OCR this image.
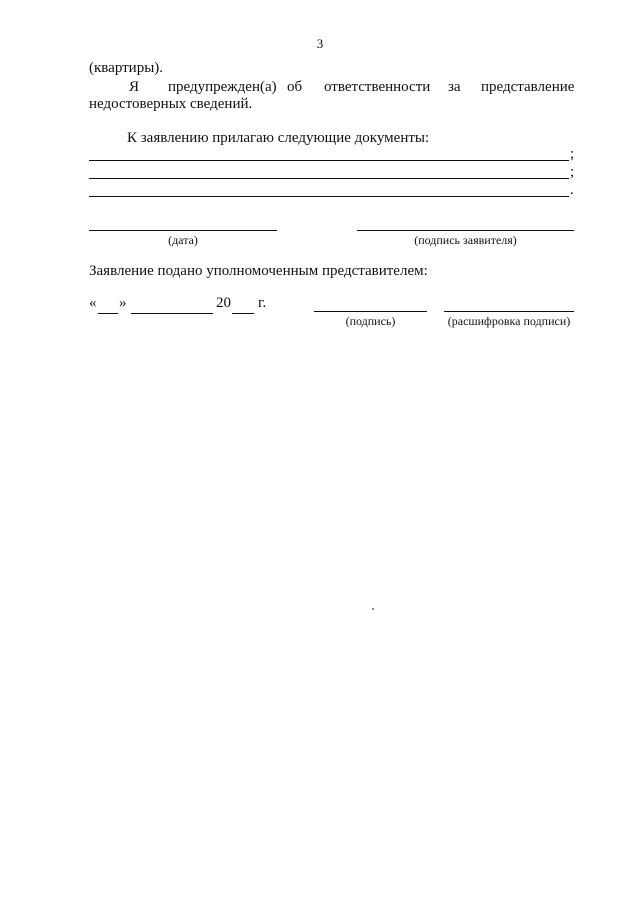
3
(квартиры).
Я предупрежден(а) об ответственности за представление
недостоверных сведений.
К заявлению прилагаю следующие документы:
;
;
.
(дата)	(подпись заявителя)
Заявление подано уполномоченным представителем:
« »	20 г.
(подпись)	(расшифровка подписи)
